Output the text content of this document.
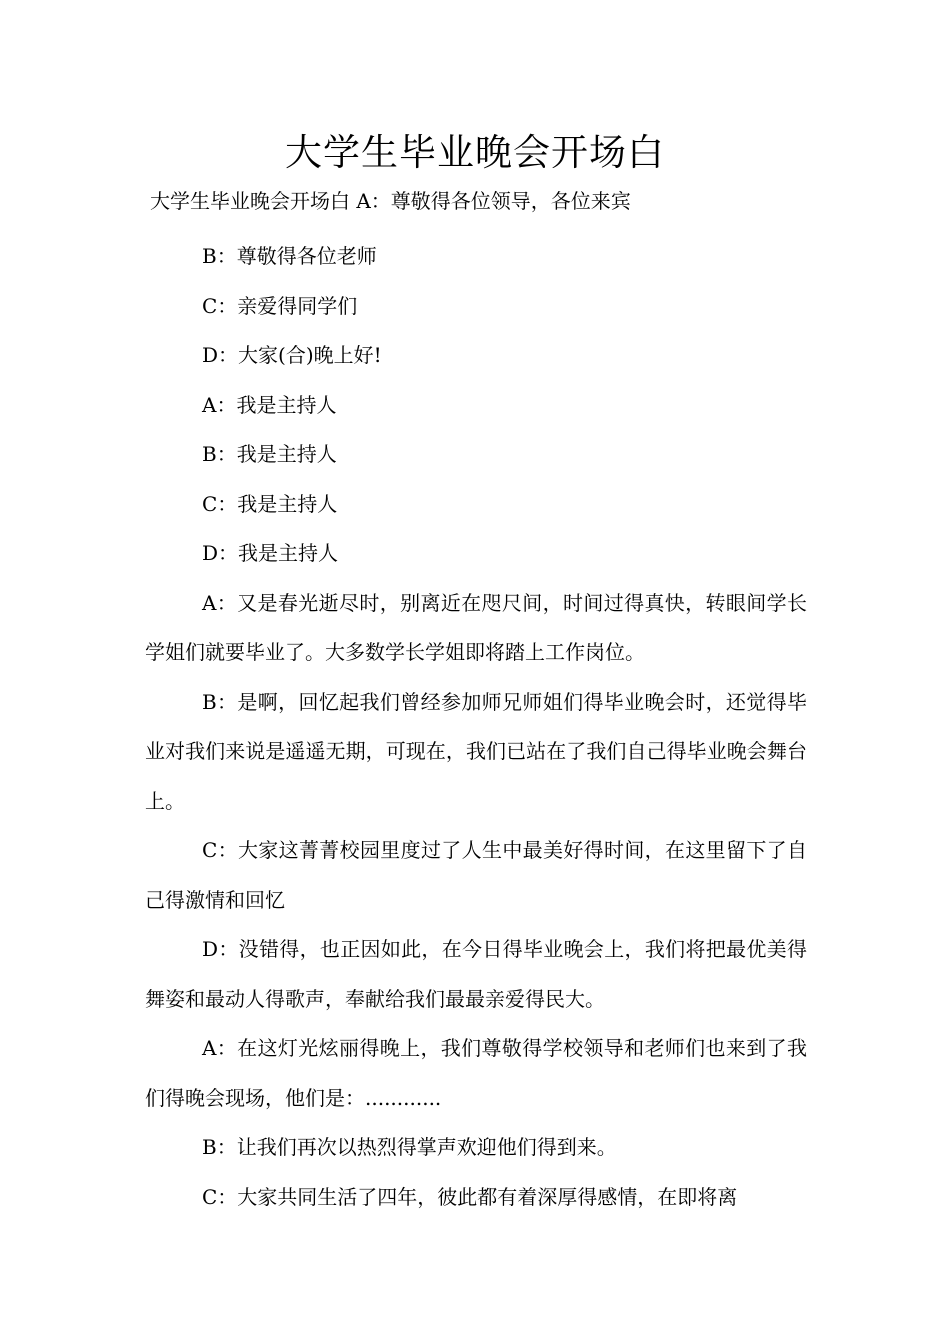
大学生毕业晚会开场白

大学生毕业晚会开场白 A：尊敬得各位领导，各位来宾

B：尊敬得各位老师

C：亲爱得同学们

D：大家(合)晚上好!

A：我是主持人

B：我是主持人

C：我是主持人

D：我是主持人

A：又是春光逝尽时，别离近在咫尺间，时间过得真快，转眼间学长学姐们就要毕业了。大多数学长学姐即将踏上工作岗位。

B：是啊，回忆起我们曾经参加师兄师姐们得毕业晚会时，还觉得毕业对我们来说是遥遥无期，可现在，我们已站在了我们自己得毕业晚会舞台上。

C：大家这菁菁校园里度过了人生中最美好得时间，在这里留下了自己得激情和回忆

D：没错得，也正因如此，在今日得毕业晚会上，我们将把最优美得舞姿和最动人得歌声，奉献给我们最最亲爱得民大。

A：在这灯光炫丽得晚上，我们尊敬得学校领导和老师们也来到了我们得晚会现场，他们是：............

B：让我们再次以热烈得掌声欢迎他们得到来。

C：大家共同生活了四年，彼此都有着深厚得感情，在即将离
